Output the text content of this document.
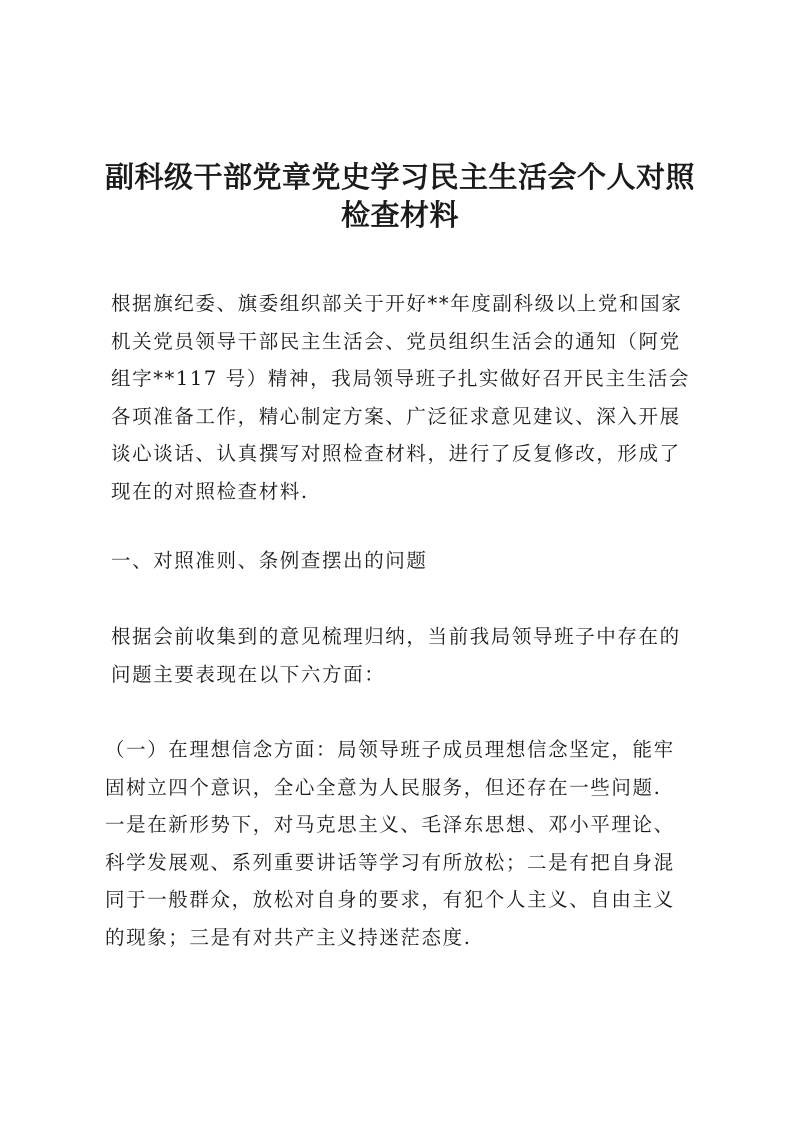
副科级干部党章党史学习民主生活会个人对照
检查材料
根据旗纪委、旗委组织部关于开好**年度副科级以上党和国家
机关党员领导干部民主生活会、党员组织生活会的通知（阿党
组字**117 号）精神，我局领导班子扎实做好召开民主生活会
各项准备工作，精心制定方案、广泛征求意见建议、深入开展
谈心谈话、认真撰写对照检查材料，进行了反复修改，形成了
现在的对照检查材料.
一、对照准则、条例查摆出的问题
根据会前收集到的意见梳理归纳，当前我局领导班子中存在的
问题主要表现在以下六方面：
（一）在理想信念方面：局领导班子成员理想信念坚定，能牢
固树立四个意识，全心全意为人民服务，但还存在一些问题.
一是在新形势下，对马克思主义、毛泽东思想、邓小平理论、
科学发展观、系列重要讲话等学习有所放松；二是有把自身混
同于一般群众，放松对自身的要求，有犯个人主义、自由主义
的现象；三是有对共产主义持迷茫态度.
